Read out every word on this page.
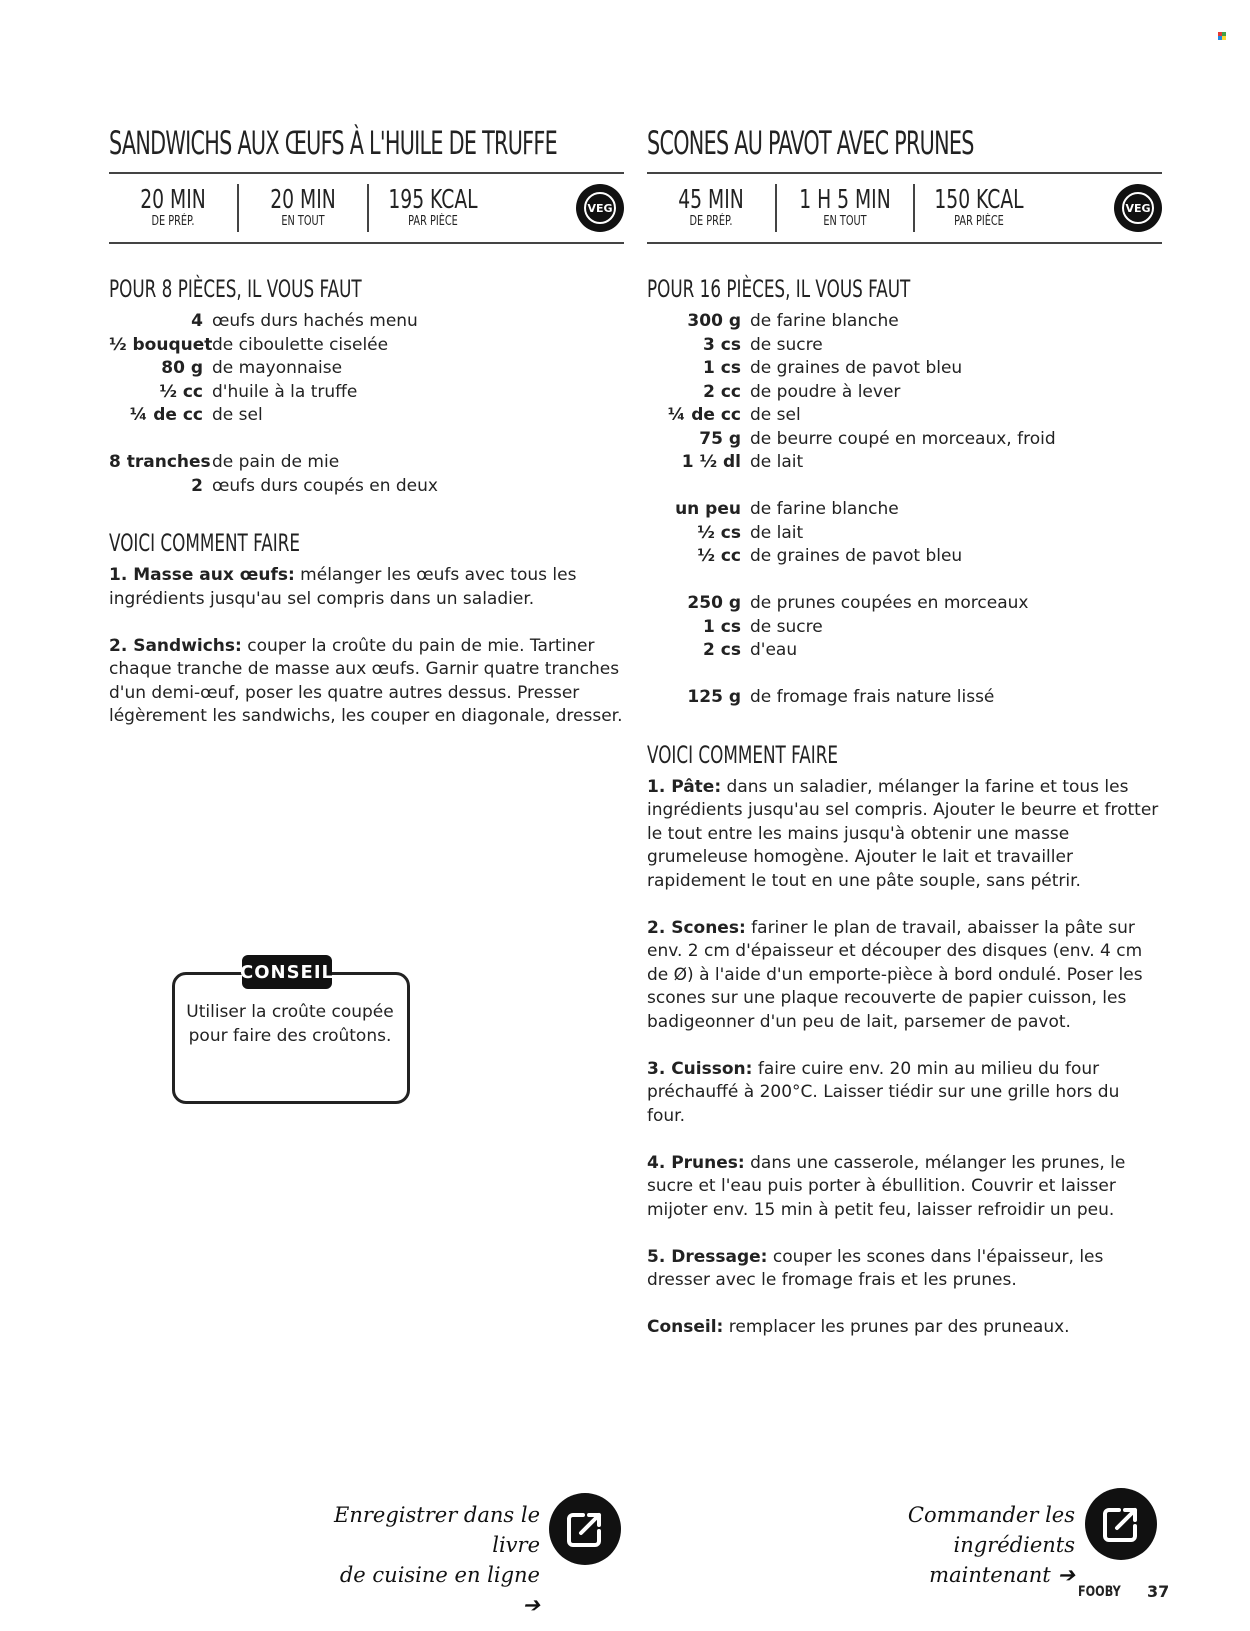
SANDWICHS AUX ŒUFS À L'HUILE DE TRUFFE
20 MIN
DE PRÉP.
20 MIN
EN TOUT
195 KCAL
PAR PIÈCE
VEG
POUR 8 PIÈCES, IL VOUS FAUT
4 œufs durs hachés menu
½ bouquet de ciboulette ciselée
80 g de mayonnaise
½ cc d'huile à la truffe
¼ de cc de sel
8 tranches de pain de mie
2 œufs durs coupés en deux
VOICI COMMENT FAIRE

1. Masse aux œufs: mélanger les œufs avec tous les ingrédients jusqu'au sel compris dans un saladier.

2. Sandwichs: couper la croûte du pain de mie. Tartiner chaque tranche de masse aux œufs. Garnir quatre tranches d'un demi-œuf, poser les quatre autres dessus. Presser légèrement les sandwichs, les couper en diagonale, dresser.

CONSEIL
Utiliser la croûte coupée pour faire des croûtons.
SCONES AU PAVOT AVEC PRUNES
45 MIN
DE PRÉP.
1 H 5 MIN
EN TOUT
150 KCAL
PAR PIÈCE
VEG
POUR 16 PIÈCES, IL VOUS FAUT
300 g de farine blanche
3 cs de sucre
1 cs de graines de pavot bleu
2 cc de poudre à lever
¼ de cc de sel
75 g de beurre coupé en morceaux, froid
1 ½ dl de lait
un peu de farine blanche
½ cs de lait
½ cc de graines de pavot bleu
250 g de prunes coupées en morceaux
1 cs de sucre
2 cs d'eau
125 g de fromage frais nature lissé
VOICI COMMENT FAIRE

1. Pâte: dans un saladier, mélanger la farine et tous les ingrédients jusqu'au sel compris. Ajouter le beurre et frotter le tout entre les mains jusqu'à obtenir une masse grumeleuse homogène. Ajouter le lait et travailler rapidement le tout en une pâte souple, sans pétrir.

2. Scones: fariner le plan de travail, abaisser la pâte sur env. 2 cm d'épaisseur et découper des disques (env. 4 cm de Ø) à l'aide d'un emporte-pièce à bord ondulé. Poser les scones sur une plaque recouverte de papier cuisson, les badigeonner d'un peu de lait, parsemer de pavot.

3. Cuisson: faire cuire env. 20 min au milieu du four préchauffé à 200°C. Laisser tiédir sur une grille hors du four.

4. Prunes: dans une casserole, mélanger les prunes, le sucre et l'eau puis porter à ébullition. Couvrir et laisser mijoter env. 15 min à petit feu, laisser refroidir un peu.

5. Dressage: couper les scones dans l'épaisseur, les dresser avec le fromage frais et les prunes.

Conseil: remplacer les prunes par des pruneaux.

Enregistrer dans le livre
de cuisine en ligne ➔
Commander les
ingrédients maintenant ➔
FOOBY 37
